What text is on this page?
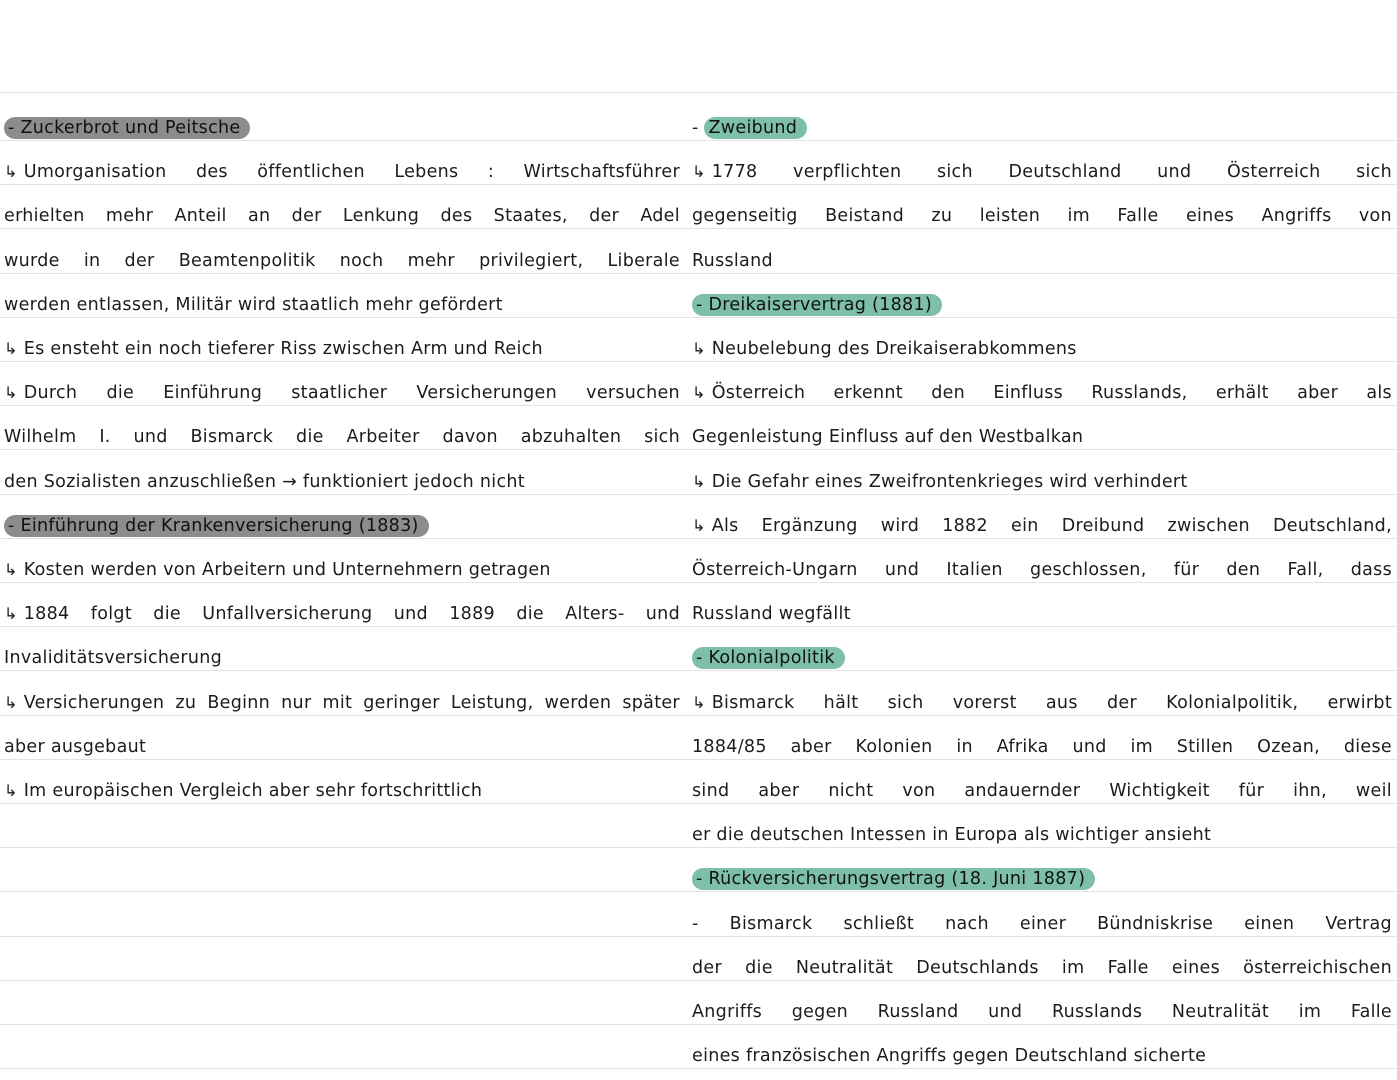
- Zuckerbrot und Peitsche
↳ Umorganisation des öffentlichen Lebens : Wirtschaftsführer
erhielten mehr Anteil an der Lenkung des Staates, der Adel
wurde in der Beamtenpolitik noch mehr privilegiert, Liberale
werden entlassen, Militär wird staatlich mehr gefördert
↳ Es ensteht ein noch tieferer Riss zwischen Arm und Reich
↳ Durch die Einführung staatlicher Versicherungen versuchen
Wilhelm I. und Bismarck die Arbeiter davon abzuhalten sich
den Sozialisten anzuschließen → funktioniert jedoch nicht
- Einführung der Krankenversicherung (1883)
↳ Kosten werden von Arbeitern und Unternehmern getragen
↳ 1884 folgt die Unfallversicherung und 1889 die Alters- und
Invaliditätsversicherung
↳ Versicherungen zu Beginn nur mit geringer Leistung, werden später
aber ausgebaut
↳ Im europäischen Vergleich aber sehr fortschrittlich
- Zweibund
↳ 1778 verpflichten sich Deutschland und Österreich sich
gegenseitig Beistand zu leisten im Falle eines Angriffs von
Russland
- Dreikaiservertrag (1881)
↳ Neubelebung des Dreikaiserabkommens
↳ Österreich erkennt den Einfluss Russlands, erhält aber als
Gegenleistung Einfluss auf den Westbalkan
↳ Die Gefahr eines Zweifrontenkrieges wird verhindert
↳ Als Ergänzung wird 1882 ein Dreibund zwischen Deutschland,
Österreich-Ungarn und Italien geschlossen, für den Fall, dass
Russland wegfällt
- Kolonialpolitik
↳ Bismarck hält sich vorerst aus der Kolonialpolitik, erwirbt
1884/85 aber Kolonien in Afrika und im Stillen Ozean, diese
sind aber nicht von andauernder Wichtigkeit für ihn, weil
er die deutschen Intessen in Europa als wichtiger ansieht
- Rückversicherungsvertrag (18. Juni 1887)
- Bismarck schließt nach einer Bündniskrise einen Vertrag
der die Neutralität Deutschlands im Falle eines österreichischen
Angriffs gegen Russland und Russlands Neutralität im Falle
eines französischen Angriffs gegen Deutschland sicherte
